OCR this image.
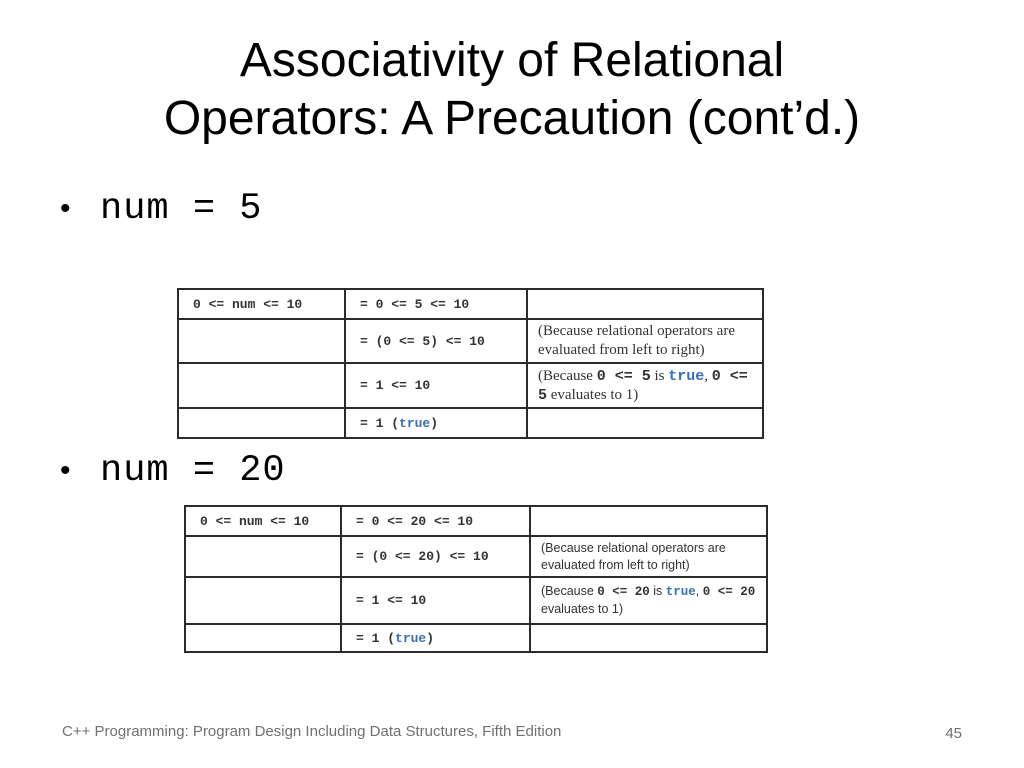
Associativity of Relational
Operators: A Precaution (cont’d.)
• num = 5
0 <= num <= 10	= 0 <= 5 <= 10	
	= (0 <= 5) <= 10	(Because relational operators are evaluated from left to right)
	= 1 <= 10	(Because 0 <= 5 is true, 0 <= 5 evaluates to 1)
	= 1 (true)	
• num = 20
0 <= num <= 10	= 0 <= 20 <= 10	
	= (0 <= 20) <= 10	(Because relational operators are evaluated from left to right)
	= 1 <= 10	(Because 0 <= 20 is true, 0 <= 20 evaluates to 1)
	= 1 (true)	
C++ Programming: Program Design Including Data Structures, Fifth Edition	45
